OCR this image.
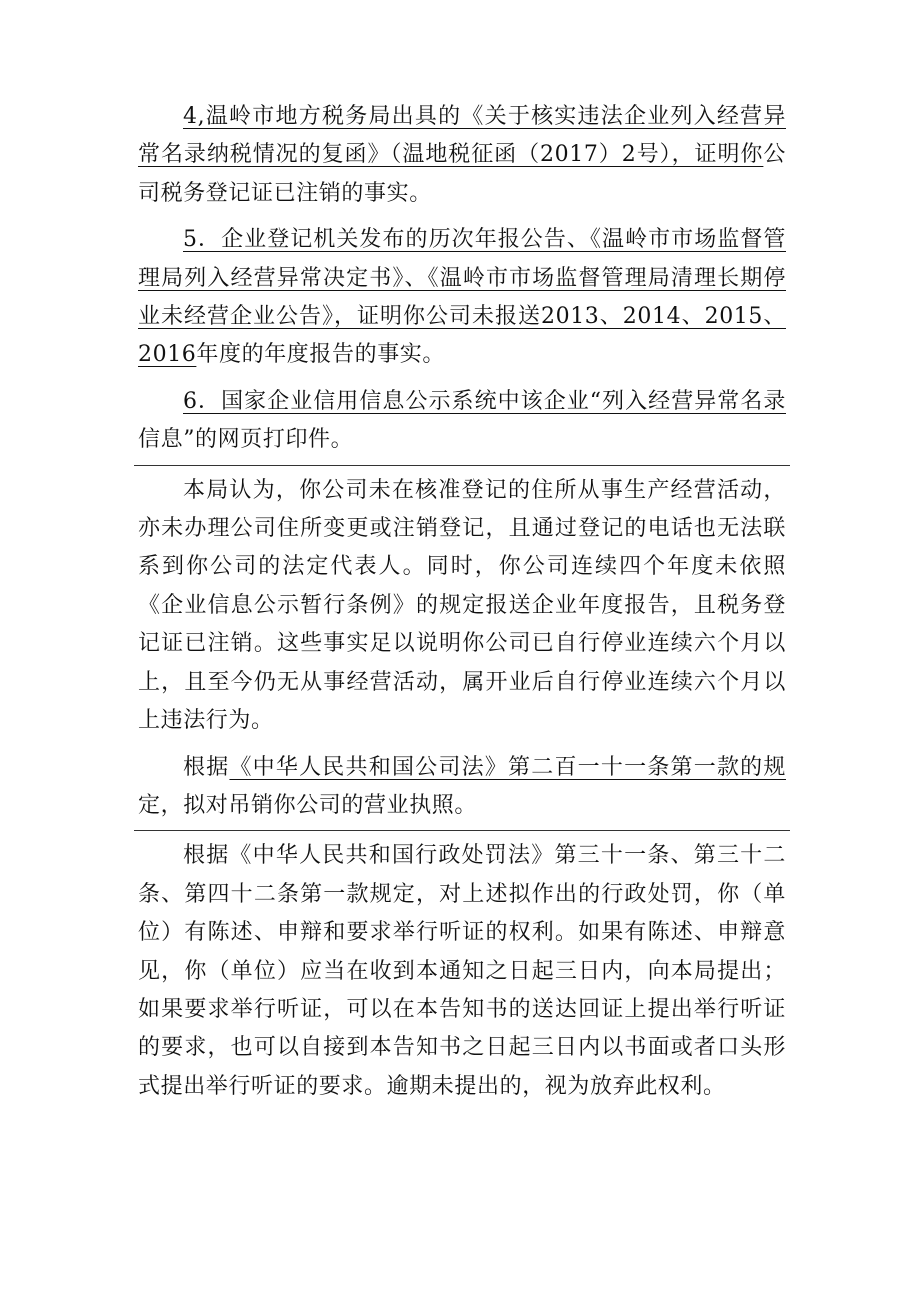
4,温岭市地方税务局出具的《关于核实违法企业列入经营异常名录纳税情况的复函》（温地税征函（2017）2号），证明你公司税务登记证已注销的事实。

5．企业登记机关发布的历次年报公告、《温岭市市场监督管理局列入经营异常决定书》、《温岭市市场监督管理局清理长期停业未经营企业公告》，证明你公司未报送2013、2014、2015、2016年度的年度报告的事实。

6．国家企业信用信息公示系统中该企业“列入经营异常名录信息”的网页打印件。

本局认为，你公司未在核准登记的住所从事生产经营活动，亦未办理公司住所变更或注销登记，且通过登记的电话也无法联系到你公司的法定代表人。同时，你公司连续四个年度未依照《企业信息公示暂行条例》的规定报送企业年度报告，且税务登记证已注销。这些事实足以说明你公司已自行停业连续六个月以上，且至今仍无从事经营活动，属开业后自行停业连续六个月以上违法行为。

根据《中华人民共和国公司法》第二百一十一条第一款的规定，拟对吊销你公司的营业执照。

根据《中华人民共和国行政处罚法》第三十一条、第三十二条、第四十二条第一款规定，对上述拟作出的行政处罚，你（单位）有陈述、申辩和要求举行听证的权利。如果有陈述、申辩意见，你（单位）应当在收到本通知之日起三日内，向本局提出；如果要求举行听证，可以在本告知书的送达回证上提出举行听证的要求，也可以自接到本告知书之日起三日内以书面或者口头形式提出举行听证的要求。逾期未提出的，视为放弃此权利。
